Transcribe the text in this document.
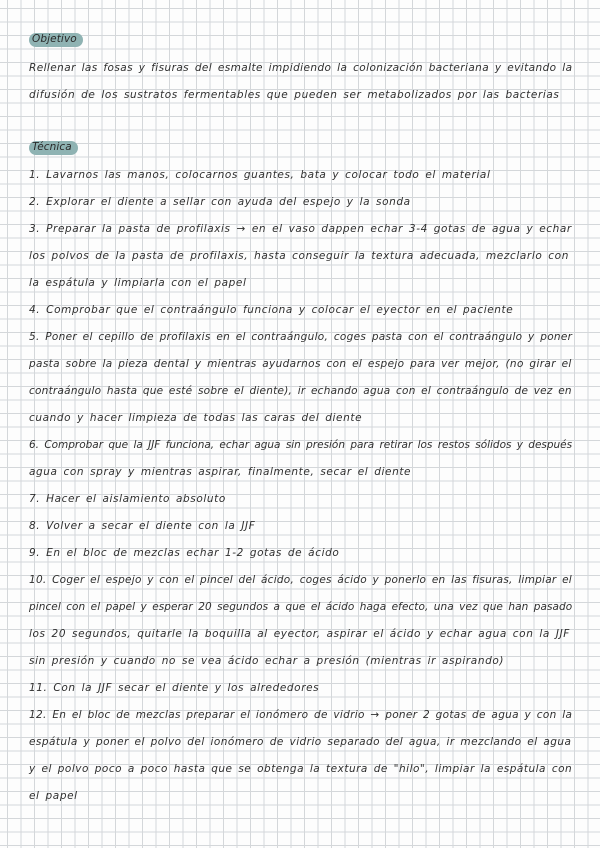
Objetivo
Rellenar las fosas y fisuras del esmalte impidiendo la colonización bacteriana y evitando la
difusión de los sustratos fermentables que pueden ser metabolizados por las bacterias
Técnica
1. Lavarnos las manos, colocarnos guantes, bata y colocar todo el material
2. Explorar el diente a sellar con ayuda del espejo y la sonda
3. Preparar la pasta de profilaxis → en el vaso dappen echar 3-4 gotas de agua y echar
los polvos de la pasta de profilaxis, hasta conseguir la textura adecuada, mezclarlo con
la espátula y limpiarla con el papel
4. Comprobar que el contraángulo funciona y colocar el eyector en el paciente
5. Poner el cepillo de profilaxis en el contraángulo, coges pasta con el contraángulo y poner
pasta sobre la pieza dental y mientras ayudarnos con el espejo para ver mejor, (no girar el
contraángulo hasta que esté sobre el diente), ir echando agua con el contraángulo de vez en
cuando y hacer limpieza de todas las caras del diente
6. Comprobar que la JJF funciona, echar agua sin presión para retirar los restos sólidos y después
agua con spray y mientras aspirar, finalmente, secar el diente
7. Hacer el aislamiento absoluto
8. Volver a secar el diente con la JJF
9. En el bloc de mezclas echar 1-2 gotas de ácido
10. Coger el espejo y con el pincel del ácido, coges ácido y ponerlo en las fisuras, limpiar el
pincel con el papel y esperar 20 segundos a que el ácido haga efecto, una vez que han pasado
los 20 segundos, quitarle la boquilla al eyector, aspirar el ácido y echar agua con la JJF
sin presión y cuando no se vea ácido echar a presión (mientras ir aspirando)
11. Con la JJF secar el diente y los alrededores
12. En el bloc de mezclas preparar el ionómero de vidrio → poner 2 gotas de agua y con la
espátula y poner el polvo del ionómero de vidrio separado del agua, ir mezclando el agua
y el polvo poco a poco hasta que se obtenga la textura de "hilo", limpiar la espátula con
el papel
